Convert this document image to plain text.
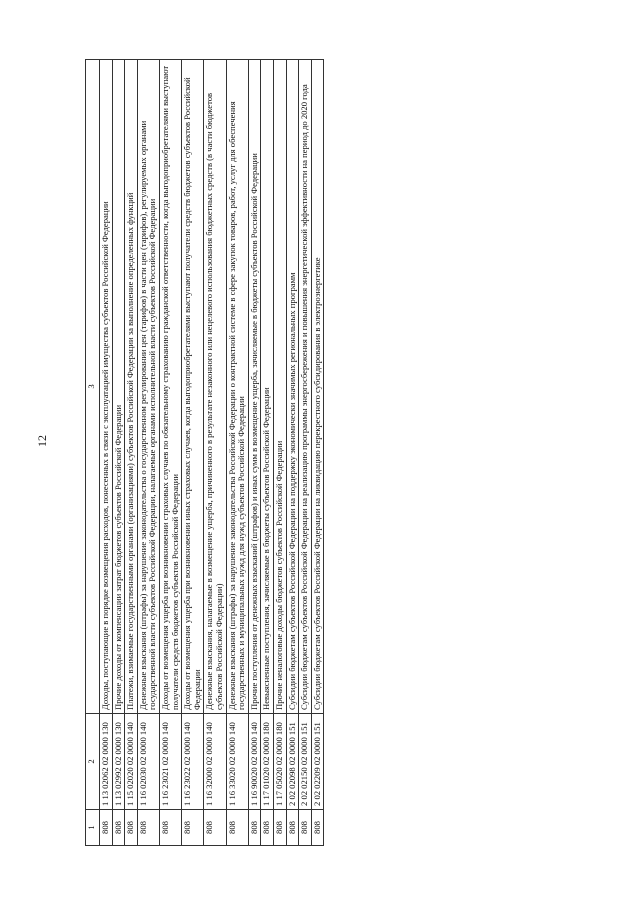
12
1	2	3
808	1 13 02062 02 0000 130	Доходы, поступающие в порядке возмещения расходов, понесенных в связи с эксплуатацией имущества субъектов Российской Федерации
808	1 13 02992 02 0000 130	Прочие доходы от компенсации затрат бюджетов субъектов Российской Федерации
808	1 15 02020 02 0000 140	Платежи, взимаемые государственными органами (организациями) субъектов Российской Федерации за выполнение определенных функций
808	1 16 02030 02 0000 140	Денежные взыскания (штрафы) за нарушение законодательства о государственном регулировании цен (тарифов) в части цен (тарифов), регулируемых органами государственной власти субъектов Российской Федерации, налагаемые органами исполнительной власти субъектов Российской Федерации
808	1 16 23021 02 0000 140	Доходы от возмещения ущерба при возникновении страховых случаев по обязательному страхованию гражданской ответственности, когда выгодоприобретателями выступают получатели средств бюджетов субъектов Российской Федерации
808	1 16 23022 02 0000 140	Доходы от возмещения ущерба при возникновении иных страховых случаев, когда выгодоприобретателями выступают получатели средств бюджетов субъектов Российской Федерации
808	1 16 32000 02 0000 140	Денежные взыскания, налагаемые в возмещение ущерба, причиненного в результате незаконного или нецелевого использования бюджетных средств (в части бюджетов субъектов Российской Федерации)
808	1 16 33020 02 0000 140	Денежные взыскания (штрафы) за нарушение законодательства Российской Федерации о контрактной системе в сфере закупок товаров, работ, услуг для обеспечения государственных и муниципальных нужд для нужд субъектов Российской Федерации
808	1 16 90020 02 0000 140	Прочие поступления от денежных взысканий (штрафов) и иных сумм в возмещение ущерба, зачисляемые в бюджеты субъектов Российской Федерации
808	1 17 01020 02 0000 180	Невыясненные поступления, зачисляемые в бюджеты субъектов Российской Федерации
808	1 17 05020 02 0000 180	Прочие неналоговые доходы бюджетов субъектов Российской Федерации
808	2 02 02098 02 0000 151	Субсидии бюджетам субъектов Российской Федерации на поддержку экономически значимых региональных программ
808	2 02 02150 02 0000 151	Субсидии бюджетам субъектов Российской Федерации на реализацию программы энергосбережения и повышения энергетической эффективности на период до 2020 года
808	2 02 02209 02 0000 151	Субсидии бюджетам субъектов Российской Федерации на ликвидацию перекрестного субсидирования в электроэнергетике
